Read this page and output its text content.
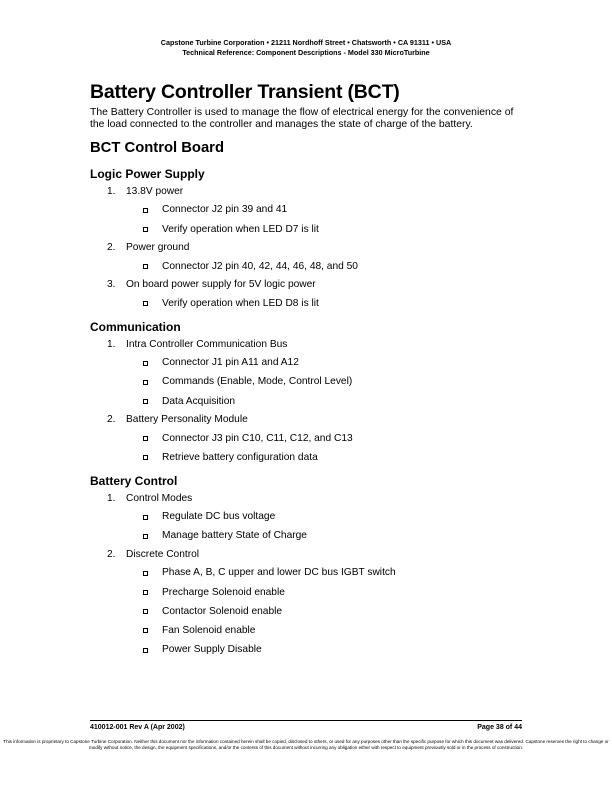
Capstone Turbine Corporation • 21211 Nordhoff Street • Chatsworth • CA 91311 • USA
Technical Reference: Component Descriptions - Model 330 MicroTurbine
Battery Controller Transient (BCT)

The Battery Controller is used to manage the flow of electrical energy for the convenience of the load connected to the controller and manages the state of charge of the battery.

BCT Control Board
Logic Power Supply
1. 13.8V power
Connector J2 pin 39 and 41
Verify operation when LED D7 is lit
2. Power ground
Connector J2 pin 40, 42, 44, 46, 48, and 50
3. On board power supply for 5V logic power
Verify operation when LED D8 is lit
Communication
1. Intra Controller Communication Bus
Connector J1 pin A11 and A12
Commands (Enable, Mode, Control Level)
Data Acquisition
2. Battery Personality Module
Connector J3 pin C10, C11, C12, and C13
Retrieve battery configuration data
Battery Control
1. Control Modes
Regulate DC bus voltage
Manage battery State of Charge
2. Discrete Control
Phase A, B, C upper and lower DC bus IGBT switch
Precharge Solenoid enable
Contactor Solenoid enable
Fan Solenoid enable
Power Supply Disable
410012-001 Rev A (Apr 2002)	Page 38 of 44
This information is proprietary to Capstone Turbine Corporation. Neither this document nor the information contained herein shall be copied, disclosed to others, or used for any purposes other than the specific purpose for which this document was delivered. Capstone reserves the right to change or modify without notice, the design, the equipment specifications, and/or the contents of this document without incurring any obligation either with respect to equipment previously sold or in the process of construction.
